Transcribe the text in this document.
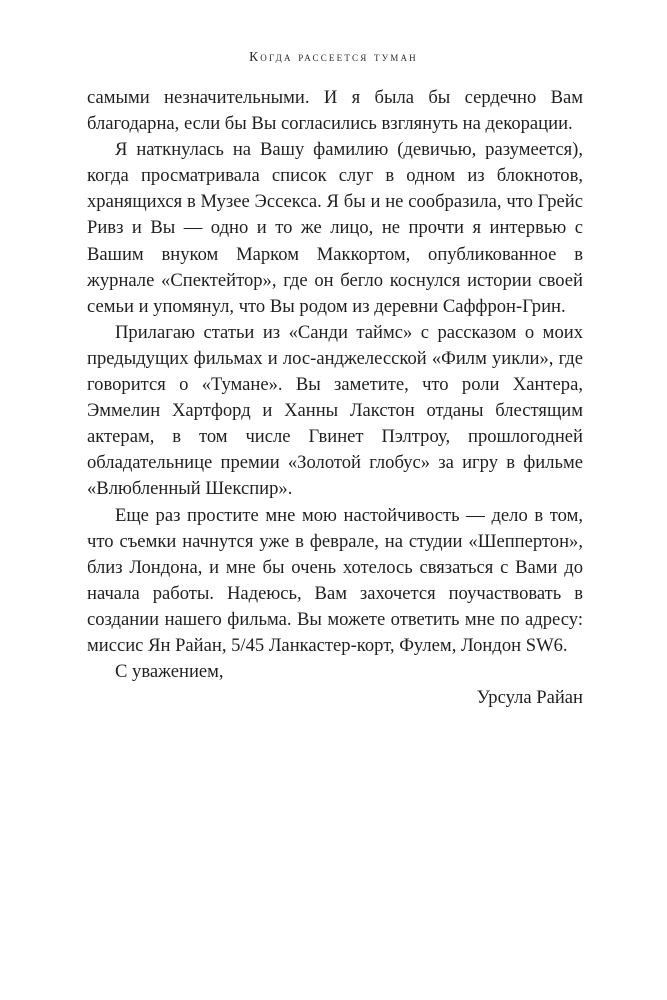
Когда рассеется туман

самыми незначительными. И я была бы сердечно Вам благодарна, если бы Вы согласились взглянуть на декорации.

Я наткнулась на Вашу фамилию (девичью, разумеется), когда просматривала список слуг в одном из блокнотов, хранящихся в Музее Эссекса. Я бы и не сообразила, что Грейс Ривз и Вы — одно и то же лицо, не прочти я интервью с Вашим внуком Марком Маккортом, опубликованное в журнале «Спектейтор», где он бегло коснулся истории своей семьи и упомянул, что Вы родом из деревни Саффрон-Грин.

Прилагаю статьи из «Санди таймс» с рассказом о моих предыдущих фильмах и лос-анджелесской «Филм уикли», где говорится о «Тумане». Вы заметите, что роли Хантера, Эммелин Хартфорд и Ханны Лакстон отданы блестящим актерам, в том числе Гвинет Пэлтроу, прошлогодней обладательнице премии «Золотой глобус» за игру в фильме «Влюбленный Шекспир».

Еще раз простите мне мою настойчивость — дело в том, что съемки начнутся уже в феврале, на студии «Шеппертон», близ Лондона, и мне бы очень хотелось связаться с Вами до начала работы. Надеюсь, Вам захочется поучаствовать в создании нашего фильма. Вы можете ответить мне по адресу: миссис Ян Райан, 5/45 Ланкастер-корт, Фулем, Лондон SW6.

С уважением,

Урсула Райан
